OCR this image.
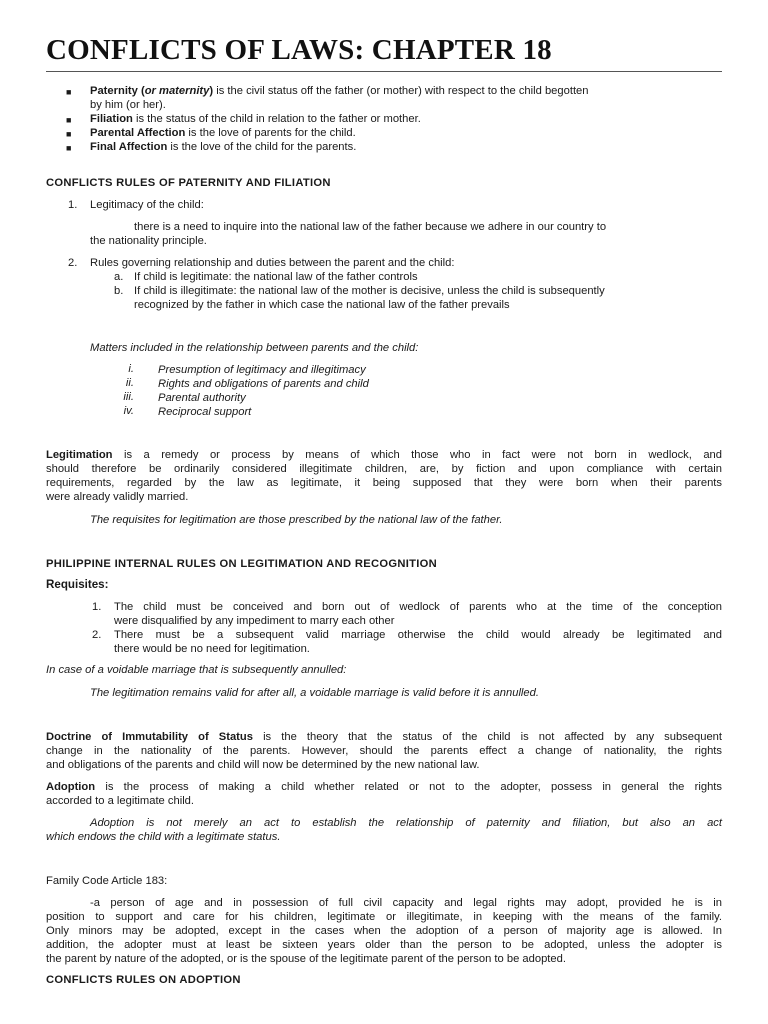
CONFLICTS OF LAWS: CHAPTER 18
■ Paternity (or maternity) is the civil status off the father (or mother) with respect to the child begotten
by him (or her).
■ Filiation is the status of the child in relation to the father or mother.
■ Parental Affection is the love of parents for the child.
■ Final Affection is the love of the child for the parents.
CONFLICTS RULES OF PATERNITY AND FILIATION
1. Legitimacy of the child:
there is a need to inquire into the national law of the father because we adhere in our country to
the nationality principle.
2. Rules governing relationship and duties between the parent and the child:
a. If child is legitimate: the national law of the father controls
b. If child is illegitimate: the national law of the mother is decisive, unless the child is subsequently
recognized by the father in which case the national law of the father prevails
Matters included in the relationship between parents and the child:
i. Presumption of legitimacy and illegitimacy
ii. Rights and obligations of parents and child
iii. Parental authority
iv. Reciprocal support
Legitimation is a remedy or process by means of which those who in fact were not born in wedlock, and
should therefore be ordinarily considered illegitimate children, are, by fiction and upon compliance with certain
requirements, regarded by the law as legitimate, it being supposed that they were born when their parents
were already validly married.
The requisites for legitimation are those prescribed by the national law of the father.
PHILIPPINE INTERNAL RULES ON LEGITIMATION AND RECOGNITION
Requisites:
1. The child must be conceived and born out of wedlock of parents who at the time of the conception
were disqualified by any impediment to marry each other
2. There must be a subsequent valid marriage otherwise the child would already be legitimated and
there would be no need for legitimation.
In case of a voidable marriage that is subsequently annulled:
The legitimation remains valid for after all, a voidable marriage is valid before it is annulled.
Doctrine of Immutability of Status is the theory that the status of the child is not affected by any subsequent
change in the nationality of the parents. However, should the parents effect a change of nationality, the rights
and obligations of the parents and child will now be determined by the new national law.
Adoption is the process of making a child whether related or not to the adopter, possess in general the rights
accorded to a legitimate child.
Adoption is not merely an act to establish the relationship of paternity and filiation, but also an act
which endows the child with a legitimate status.
Family Code Article 183:
-a person of age and in possession of full civil capacity and legal rights may adopt, provided he is in
position to support and care for his children, legitimate or illegitimate, in keeping with the means of the family.
Only minors may be adopted, except in the cases when the adoption of a person of majority age is allowed. In
addition, the adopter must at least be sixteen years older than the person to be adopted, unless the adopter is
the parent by nature of the adopted, or is the spouse of the legitimate parent of the person to be adopted.
CONFLICTS RULES ON ADOPTION
